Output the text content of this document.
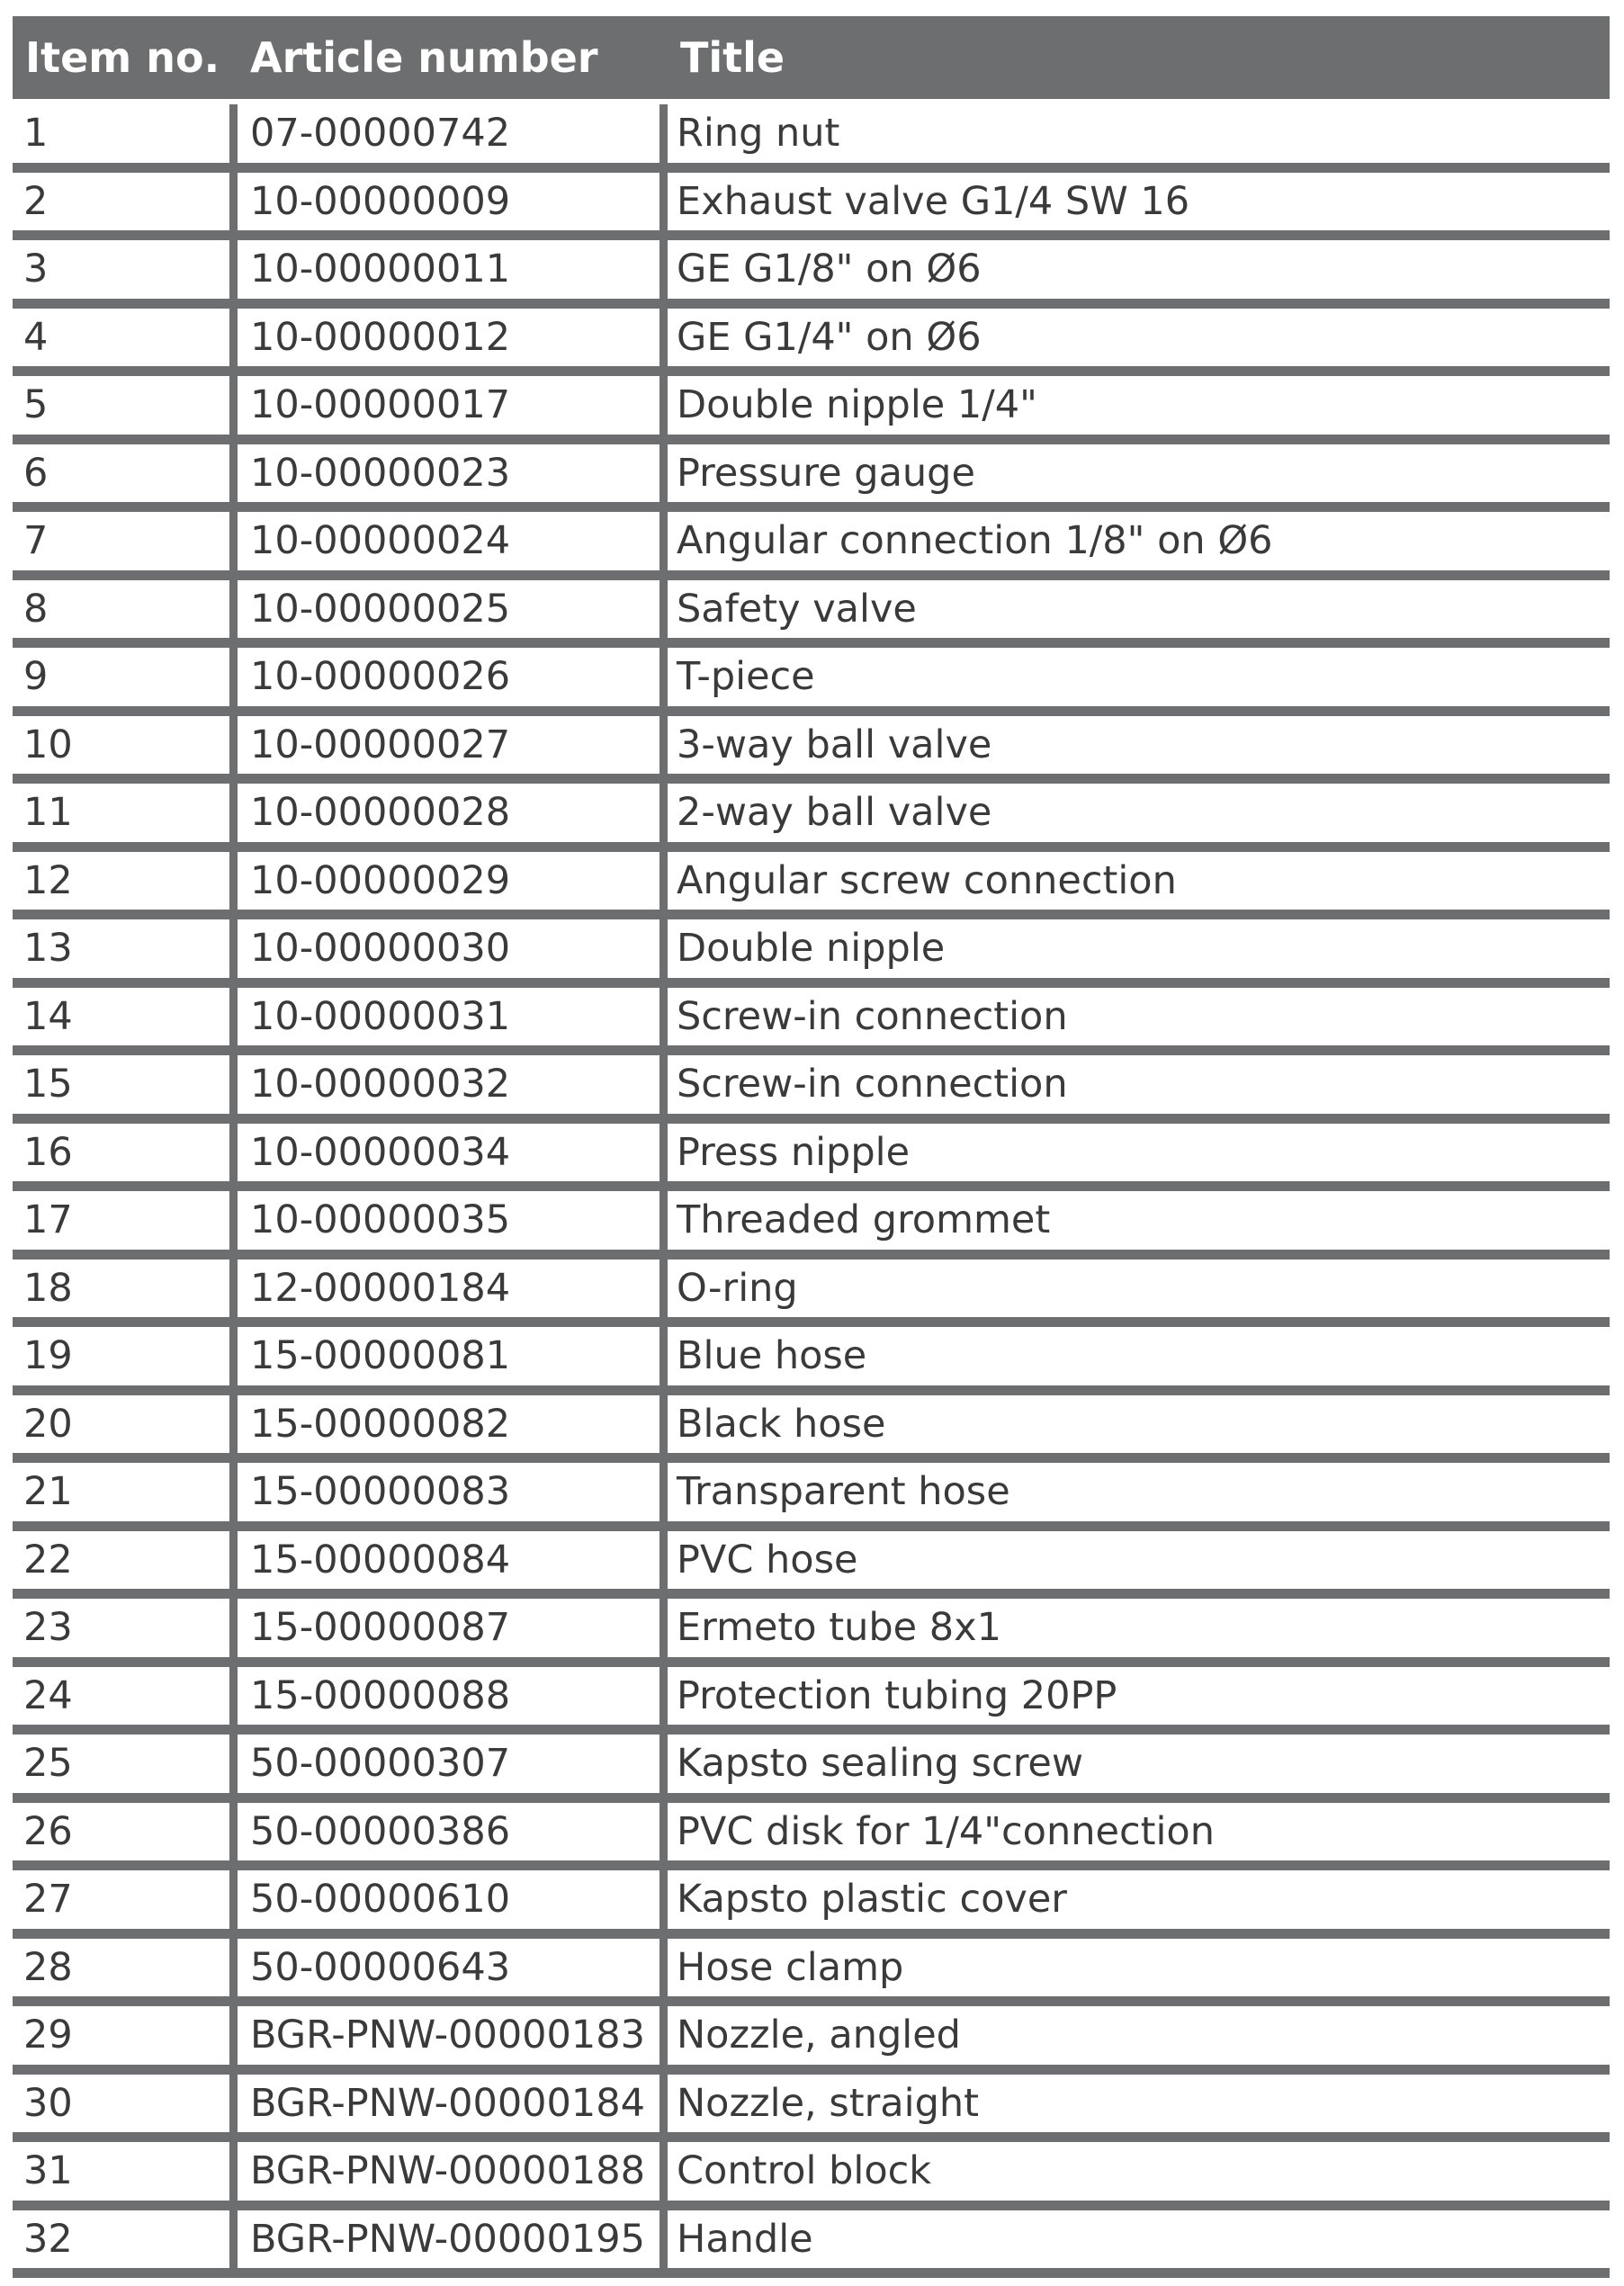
Item no. Article number	Title
1	07-00000742	Ring nut
2	10-00000009	Exhaust valve G1/4 SW 16
3	10-00000011	GE G1/8" on Ø6
4	10-00000012	GE G1/4" on Ø6
5	10-00000017	Double nipple 1/4"
6	10-00000023	Pressure gauge
7	10-00000024	Angular connection 1/8" on Ø6
8	10-00000025	Safety valve
9	10-00000026	T-piece
10	10-00000027	3-way ball valve
11	10-00000028	2-way ball valve
12	10-00000029	Angular screw connection
13	10-00000030	Double nipple
14	10-00000031	Screw-in connection
15	10-00000032	Screw-in connection
16	10-00000034	Press nipple
17	10-00000035	Threaded grommet
18	12-00000184	O-ring
19	15-00000081	Blue hose
20	15-00000082	Black hose
21	15-00000083	Transparent hose
22	15-00000084	PVC hose
23	15-00000087	Ermeto tube 8x1
24	15-00000088	Protection tubing 20PP
25	50-00000307	Kapsto sealing screw
26	50-00000386	PVC disk for 1/4"connection
27	50-00000610	Kapsto plastic cover
28	50-00000643	Hose clamp
29	BGR-PNW-00000183 Nozzle, angled
30	BGR-PNW-00000184 Nozzle, straight
31	BGR-PNW-00000188 Control block
32	BGR-PNW-00000195 Handle
